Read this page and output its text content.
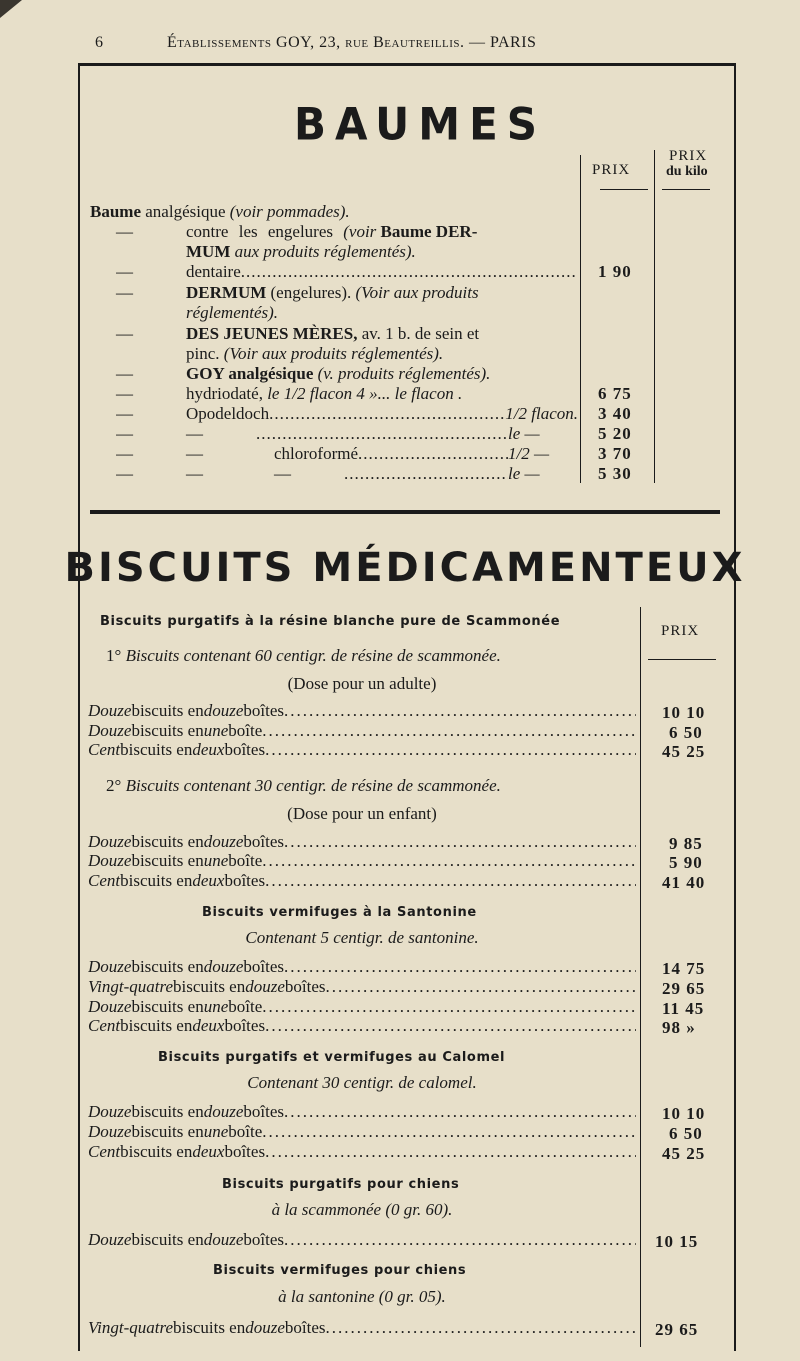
6	Établissements GOY, 23, rue Beautreillis. — PARIS
BAUMES
PRIX
PRIX
du kilo
Baume analgésique (voir pommades).
—	contre les engelures (voir Baume DER-
MUM aux produits réglementés).
—	dentaire .....	1 90
—	DERMUM (engelures). (Voir aux produits
réglementés).
—	DES JEUNES MÈRES, av. 1 b. de sein et
pinc. (Voir aux produits réglementés).
—	GOY analgésique (v. produits réglementés).
—	hydriodaté, le 1/2 flacon 4 »... le flacon .	6 75
—	Opodeldoch .....	1/2 flacon. 3 40
—	— .....	le —	5 20
—	—	chloroformé .....	1/2 —	3 70
—	—	— .....	le —	5 30
BISCUITS MÉDICAMENTEUX
PRIX
Biscuits purgatifs à la résine blanche pure de Scammonée
1° Biscuits contenant 60 centigr. de résine de scammonée.
(Dose pour un adulte)
Douze biscuits en douze boîtes .....	10 10
Douze biscuits en une boîte .....	6 50
Cent biscuits en deux boîtes .....	45 25
2° Biscuits contenant 30 centigr. de résine de scammonée.
(Dose pour un enfant)
Douze biscuits en douze boîtes .....	9 85
Douze biscuits en une boîte .....	5 90
Cent biscuits en deux boîtes .....	41 40
Biscuits vermifuges à la Santonine
Contenant 5 centigr. de santonine.
Douze biscuits en douze boîtes .....	14 75
Vingt-quatre biscuits en douze boîtes .....	29 65
Douze biscuits en une boîte .....	11 45
Cent biscuits en deux boîtes .....	98 »
Biscuits purgatifs et vermifuges au Calomel
Contenant 30 centigr. de calomel.
Douze biscuits en douze boîtes .....	10 10
Douze biscuits en une boîte .....	6 50
Cent biscuits en deux boîtes .....	45 25
Biscuits purgatifs pour chiens
à la scammonée (0 gr. 60).
Douze biscuits en douze boîtes .....	10 15
Biscuits vermifuges pour chiens
à la santonine (0 gr. 05).
Vingt-quatre biscuits en douze boîtes .....	29 65
